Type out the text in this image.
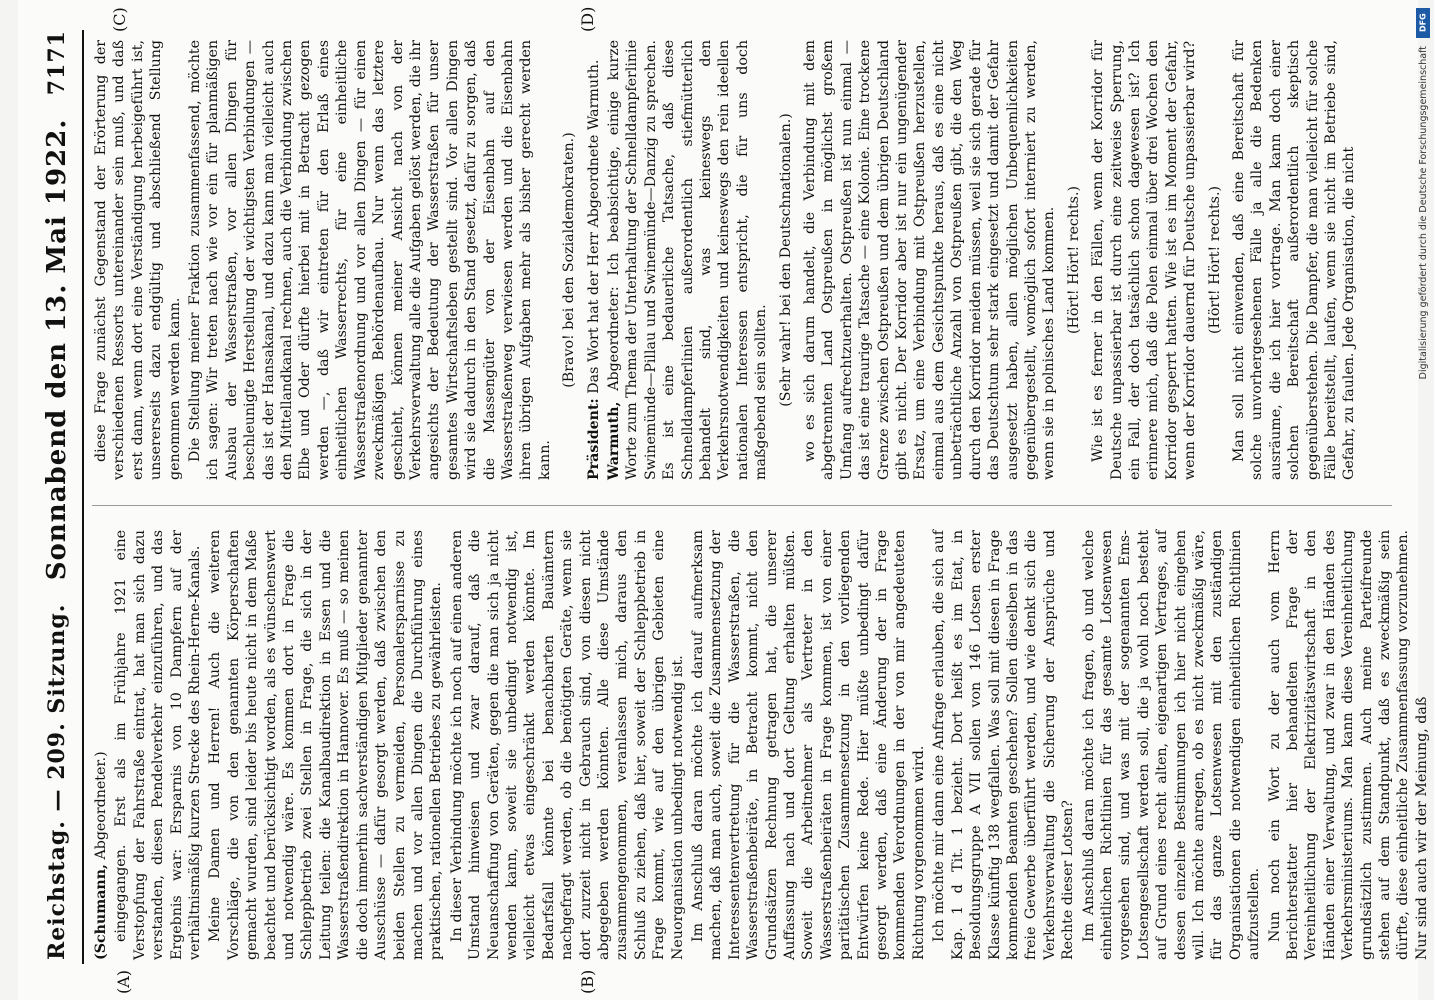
Reichstag. — 209. Sitzung.
Sonnabend den 13. Mai 1922.
7171
(A)	(B)
(C)	(D)

(Schumann, Abgeordneter.) eingegangen. Erst als im Frühjahre 1921 eine Verstopfung der Fahrstraße eintrat, hat man sich dazu verstanden, diesen Pendelverkehr einzuführen, und das Ergebnis war: Ersparnis von 10 Dampfern auf der verhältnismäßig kurzen Strecke des Rhein-Herne-Kanals. Meine Damen und Herren! Auch die weiteren Vorschläge, die von den genannten Körperschaften gemacht wurden, sind leider bis heute nicht in dem Maße beachtet und berücksichtigt worden, als es wünschenswert und notwendig wäre. Es kommen dort in Frage die Schleppbetrieb zwei Stellen in Frage, die sich in der Leitung teilen: die Kanalbaudirektion in Essen und die Wasserstraßendirektion in Hannover. Es muß — so meinen die doch immerhin sachverständigen Mitglieder genannter Ausschüsse — dafür gesorgt werden, daß zwischen den beiden Stellen zu vermeiden, Personalersparnisse zu machen und vor allen Dingen die Durchführung eines praktischen, rationellen Betriebes zu gewährleisten. In dieser Verbindung möchte ich noch auf einen anderen Umstand hinweisen und zwar darauf, daß die Neuanschaffung von Geräten, gegen die man sich ja nicht wenden kann, soweit sie unbedingt notwendig ist, vielleicht etwas eingeschränkt werden könnte. Im Bedarfsfall könnte bei benachbarten Bauämtern nachgefragt werden, ob die benötigten Geräte, wenn sie dort zurzeit nicht in Gebrauch sind, von diesen nicht abgegeben werden könnten. Alle diese Umstände zusammengenommen, veranlassen mich, daraus den Schluß zu ziehen, daß hier, soweit der Schleppbetrieb in Frage kommt, wie auf den übrigen Gebieten eine Neuorganisation unbedingt notwendig ist. Im Anschluß daran möchte ich darauf aufmerksam machen, daß man auch, soweit die Zusammensetzung der Interessentenvertretung für die Wasserstraßen, die Wasserstraßenbeiräte, in Betracht kommt, nicht den Grundsätzen Rechnung getragen hat, die unserer Auffassung nach und dort Geltung erhalten müßten. Soweit die Arbeitnehmer als Vertreter in den Wasserstraßenbeiräten in Frage kommen, ist von einer paritätischen Zusammensetzung in den vorliegenden Entwürfen keine Rede. Hier müßte unbedingt dafür gesorgt werden, daß eine Änderung der in Frage kommenden Verordnungen in der von mir angedeuteten Richtung vorgenommen wird. Ich möchte mir dann eine Anfrage erlauben, die sich auf Kap. 1 d Tit. 1 bezieht. Dort heißt es im Etat, in Besoldungsgruppe A VII sollen von 146 Lotsen erster Klasse künftig 138 wegfallen. Was soll mit diesen in Frage kommenden Beamten geschehen? Sollen dieselben in das freie Gewerbe überführt werden, und wie denkt sich die Verkehrsverwaltung die Sicherung der Ansprüche und Rechte dieser Lotsen? Im Anschluß daran möchte ich fragen, ob und welche einheitlichen Richtlinien für das gesamte Lotsenwesen vorgesehen sind, und was mit der sogenannten Ems-Lotsengesellschaft werden soll, die ja wohl noch besteht auf Grund eines recht alten, eigenartigen Vertrages, auf dessen einzelne Bestimmungen ich hier nicht eingehen will. Ich möchte anregen, ob es nicht zweckmäßig wäre, für das ganze Lotsenwesen mit den zuständigen Organisationen die notwendigen einheitlichen Richtlinien aufzustellen. Nun noch ein Wort zu der auch vom Herrn Berichterstatter hier behandelten Frage der Vereinheitlichung der Elektrizitätswirtschaft in den Händen einer Verwaltung, und zwar in den Händen des Verkehrsministeriums. Man kann diese Vereinheitlichung grundsätzlich zustimmen. Auch meine Parteifreunde stehen auf dem Standpunkt, daß es zweckmäßig sein dürfte, diese einheitliche Zusammenfassung vorzunehmen. Nur sind auch wir der Meinung, daß

diese Frage zunächst Gegenstand der Erörterung der verschiedenen Ressorts untereinander sein muß, und daß erst dann, wenn dort eine Verständigung herbeigeführt ist, unsererseits dazu endgültig und abschließend Stellung genommen werden kann. Die Stellung meiner Fraktion zusammenfassend, möchte ich sagen: Wir treten nach wie vor ein für planmäßigen Ausbau der Wasserstraßen, vor allen Dingen für beschleunigte Herstellung der wichtigsten Verbindungen — das ist der Hansakanal, und dazu kann man vielleicht auch den Mittellandkanal rechnen, auch die Verbindung zwischen Elbe und Oder dürfte hierbei mit in Betracht gezogen werden —, daß wir eintreten für den Erlaß eines einheitlichen Wasserrechts, für eine einheitliche Wasserstraßenordnung und vor allen Dingen — für einen zweckmäßigen Behördenaufbau. Nur wenn das letztere geschieht, können meiner Ansicht nach von der Verkehrsverwaltung alle die Aufgaben gelöst werden, die ihr angesichts der Bedeutung der Wasserstraßen für unser gesamtes Wirtschaftsleben gestellt sind. Vor allen Dingen wird sie dadurch in den Stand gesetzt, dafür zu sorgen, daß die Massengüter von der Eisenbahn auf den Wasserstraßenweg verwiesen werden und die Eisenbahn ihren übrigen Aufgaben mehr als bisher gerecht werden kann.

(Bravo! bei den Sozialdemokraten.)

Präsident: Das Wort hat der Herr Abgeordnete Warmuth.

Warmuth, Abgeordneter: Ich beabsichtige, einige kurze Worte zum Thema der Unterhaltung der Schnelldampferlinie Swinemünde—Pillau und Swinemünde—Danzig zu sprechen. Es ist eine bedauerliche Tatsache, daß diese Schnelldampferlinien außerordentlich stiefmütterlich behandelt sind, was keineswegs den Verkehrsnotwendigkeiten und keineswegs den rein ideellen nationalen Interessen entspricht, die für uns doch maßgebend sein sollten. (Sehr wahr! bei den Deutschnationalen.) wo es sich darum handelt, die Verbindung mit dem abgetrennten Land Ostpreußen in möglichst großem Umfang aufrechtzuerhalten. Ostpreußen ist nun einmal — das ist eine traurige Tatsache — eine Kolonie. Eine trockene Grenze zwischen Ostpreußen und dem übrigen Deutschland gibt es nicht. Der Korridor aber ist nur ein ungenügender Ersatz, um eine Verbindung mit Ostpreußen herzustellen, einmal aus dem Gesichtspunkte heraus, daß es eine nicht unbeträchtliche Anzahl von Ostpreußen gibt, die den Weg durch den Korridor meiden müssen, weil sie sich gerade für das Deutschtum sehr stark eingesetzt und damit der Gefahr ausgesetzt haben, allen möglichen Unbequemlichkeiten gegenübergestellt, womöglich sofort interniert zu werden, wenn sie in polnisches Land kommen. (Hört! Hört! rechts.) Wie ist es ferner in den Fällen, wenn der Korridor für Deutsche unpassierbar ist durch eine zeitweise Sperrung, ein Fall, der doch tatsächlich schon dagewesen ist? Ich erinnere mich, daß die Polen einmal über drei Wochen den Korridor gesperrt hatten. Wie ist es im Moment der Gefahr, wenn der Korridor dauernd für Deutsche unpassierbar wird? (Hört! Hört! rechts.) Man soll nicht einwenden, daß eine Bereitschaft für solche unvorhergesehenen Fälle ja alle die Bedenken ausräume, die ich hier vortrage. Man kann doch einer solchen Bereitschaft außerordentlich skeptisch gegenüberstehen. Die Dampfer, die man vielleicht für solche Fälle bereitstellt, laufen, wenn sie nicht im Betriebe sind, Gefahr, zu faulen. Jede Organisation, die nicht

DFG
Digitalisierung gefördert durch die Deutsche Forschungsgemeinschaft
